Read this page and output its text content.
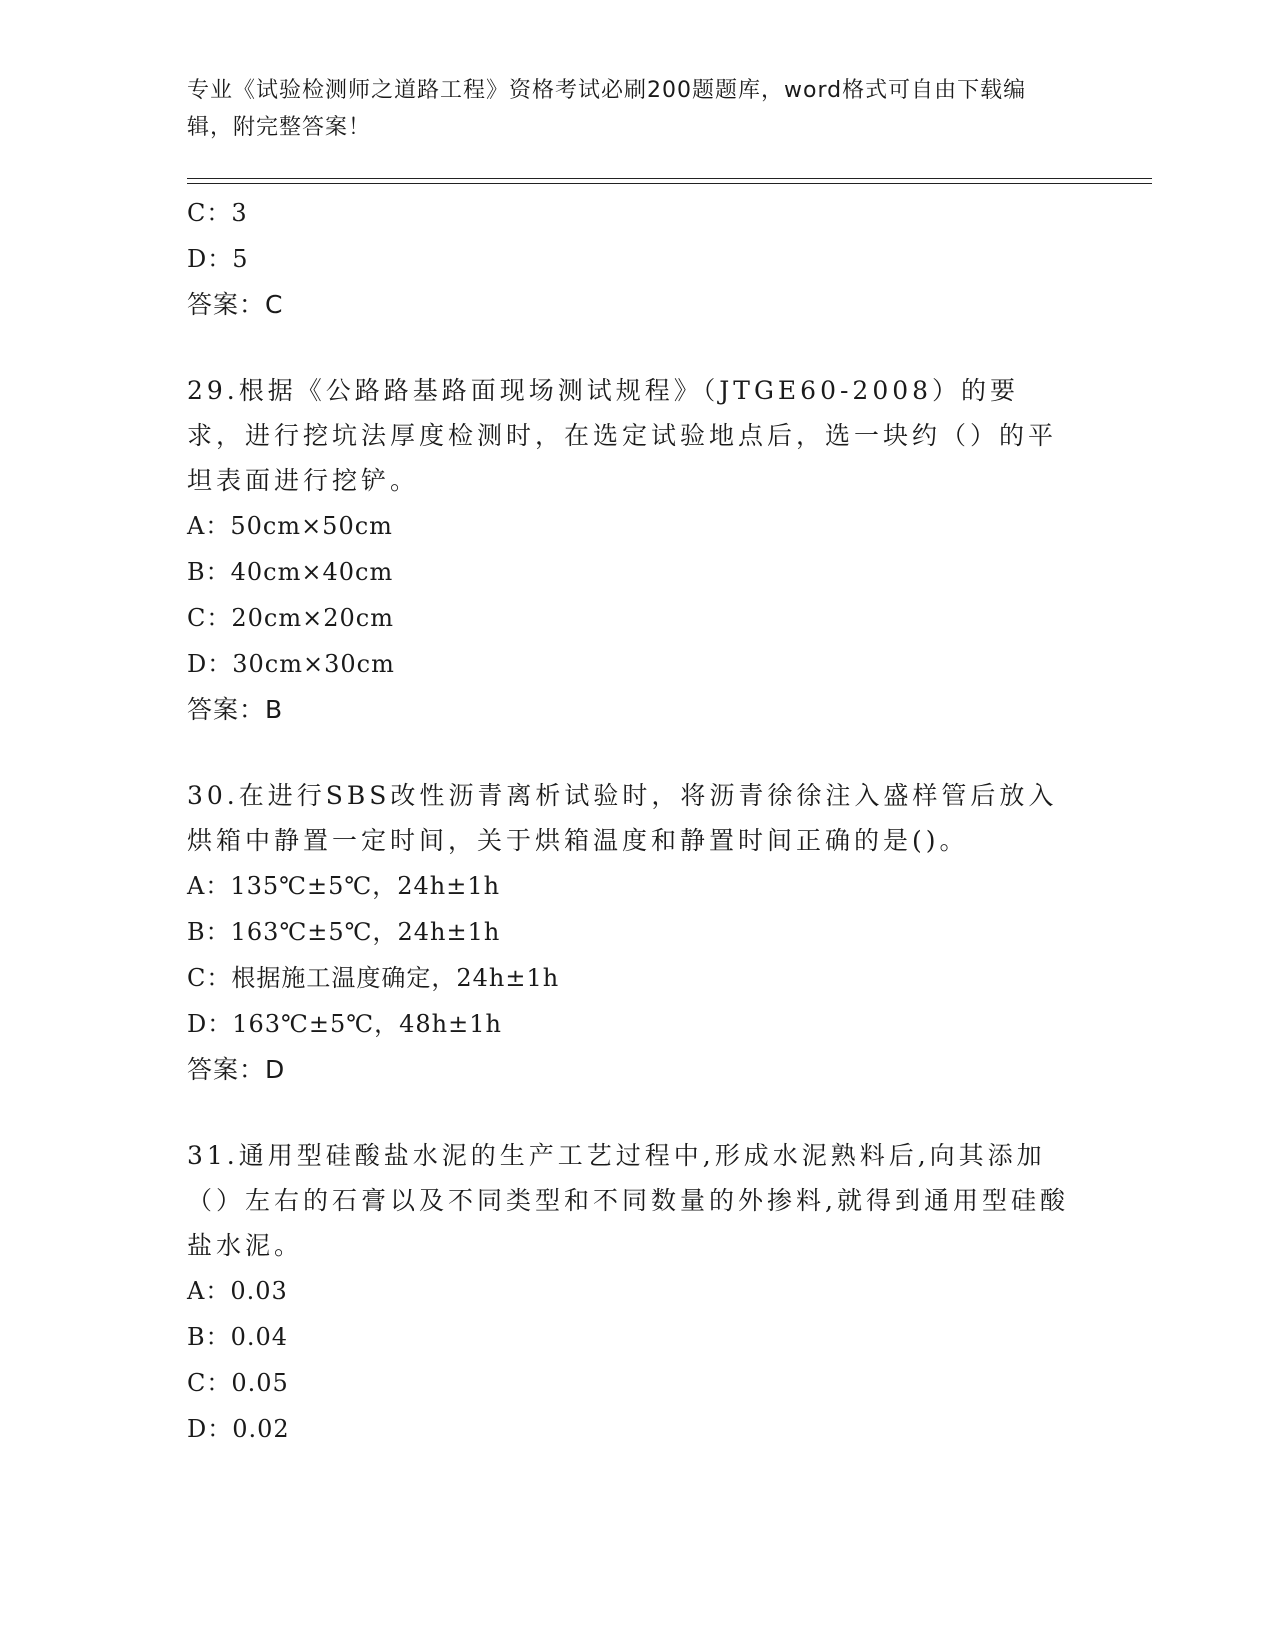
专业《试验检测师之道路工程》资格考试必刷200题题库，word格式可自由下载编辑，附完整答案！
C：3
D：5
答案：C
29.根据《公路路基路面现场测试规程》（JTGE60-2008）的要求，进行挖坑法厚度检测时，在选定试验地点后，选一块约（）的平坦表面进行挖铲。
A：50cm×50cm
B：40cm×40cm
C：20cm×20cm
D：30cm×30cm
答案：B
30.在进行SBS改性沥青离析试验时，将沥青徐徐注入盛样管后放入烘箱中静置一定时间，关于烘箱温度和静置时间正确的是()。
A：135℃±5℃，24h±1h
B：163℃±5℃，24h±1h
C：根据施工温度确定，24h±1h
D：163℃±5℃，48h±1h
答案：D
31.通用型硅酸盐水泥的生产工艺过程中,形成水泥熟料后,向其添加（）左右的石膏以及不同类型和不同数量的外掺料,就得到通用型硅酸盐水泥。
A：0.03
B：0.04
C：0.05
D：0.02
